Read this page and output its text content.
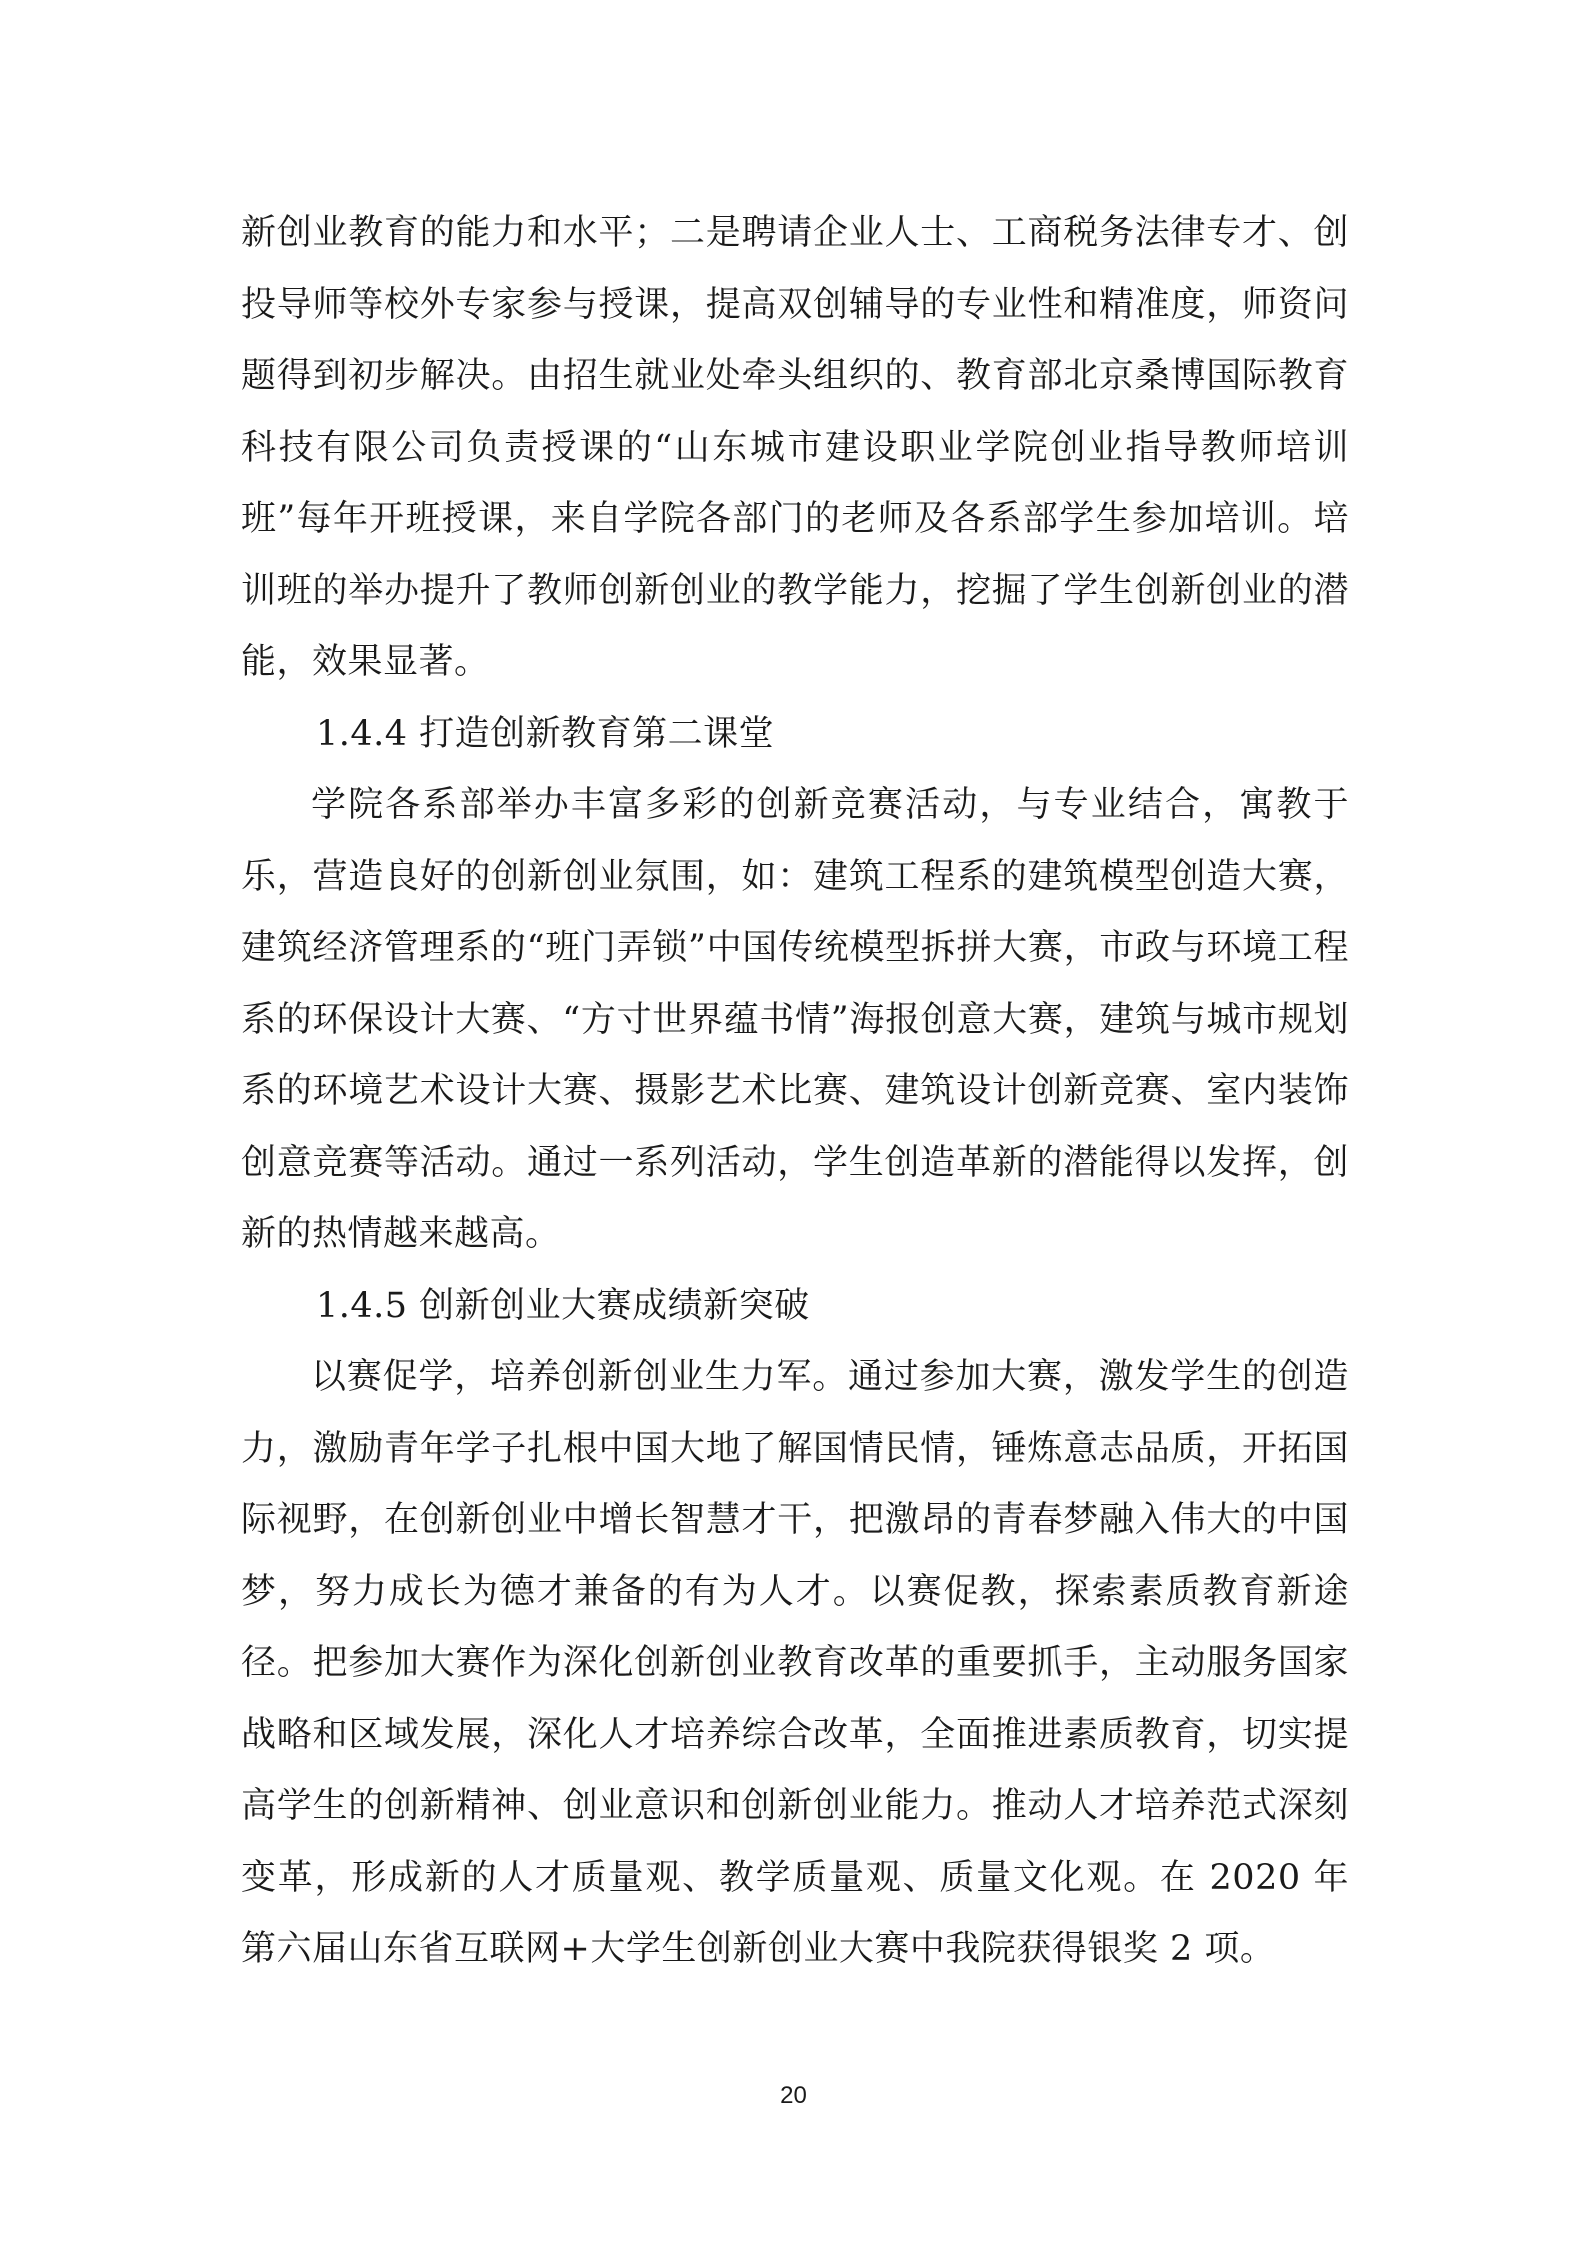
新创业教育的能力和水平；二是聘请企业人士、工商税务法律专才、创投导师等校外专家参与授课，提高双创辅导的专业性和精准度，师资问题得到初步解决。由招生就业处牵头组织的、教育部北京桑博国际教育科技有限公司负责授课的“山东城市建设职业学院创业指导教师培训班”每年开班授课，来自学院各部门的老师及各系部学生参加培训。培训班的举办提升了教师创新创业的教学能力，挖掘了学生创新创业的潜能，效果显著。

1.4.4 打造创新教育第二课堂

学院各系部举办丰富多彩的创新竞赛活动，与专业结合，寓教于乐，营造良好的创新创业氛围，如：建筑工程系的建筑模型创造大赛，建筑经济管理系的“班门弄锁”中国传统模型拆拼大赛，市政与环境工程系的环保设计大赛、“方寸世界蕴书情”海报创意大赛，建筑与城市规划系的环境艺术设计大赛、摄影艺术比赛、建筑设计创新竞赛、室内装饰创意竞赛等活动。通过一系列活动，学生创造革新的潜能得以发挥，创新的热情越来越高。

1.4.5 创新创业大赛成绩新突破

以赛促学，培养创新创业生力军。通过参加大赛，激发学生的创造力，激励青年学子扎根中国大地了解国情民情，锤炼意志品质，开拓国际视野，在创新创业中增长智慧才干，把激昂的青春梦融入伟大的中国梦，努力成长为德才兼备的有为人才。以赛促教，探索素质教育新途径。把参加大赛作为深化创新创业教育改革的重要抓手，主动服务国家战略和区域发展，深化人才培养综合改革，全面推进素质教育，切实提高学生的创新精神、创业意识和创新创业能力。推动人才培养范式深刻变革，形成新的人才质量观、教学质量观、质量文化观。在 2020 年第六届山东省互联网+大学生创新创业大赛中我院获得银奖 2 项。

20
